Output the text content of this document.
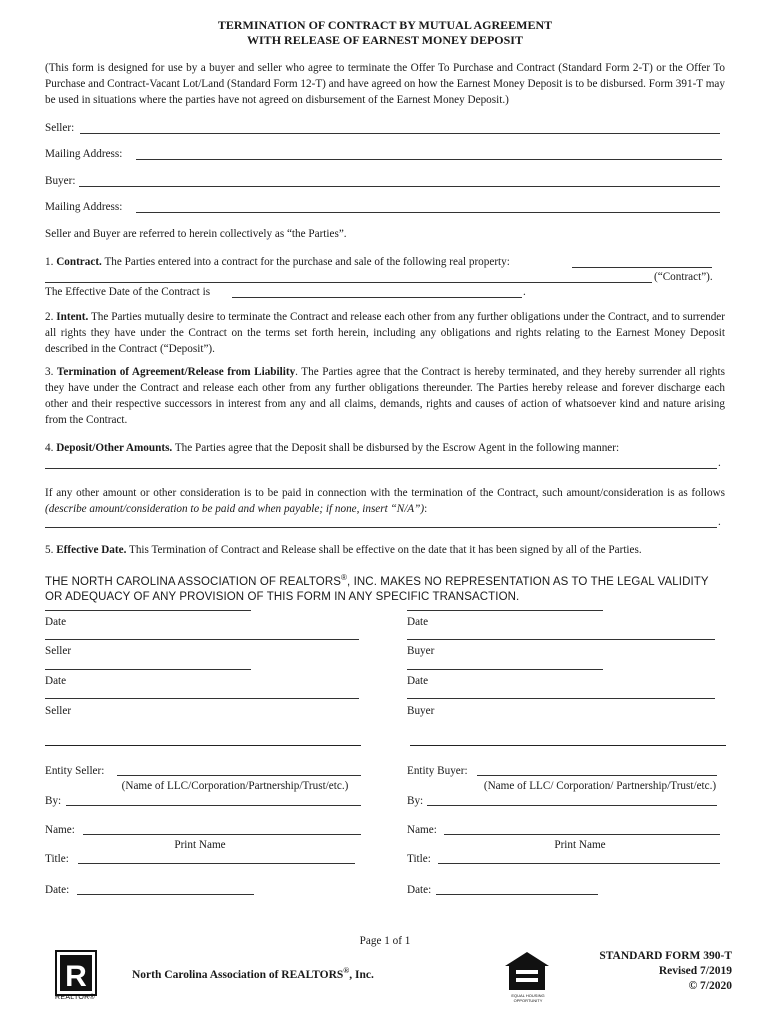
TERMINATION OF CONTRACT BY MUTUAL AGREEMENT
WITH RELEASE OF EARNEST MONEY DEPOSIT
(This form is designed for use by a buyer and seller who agree to terminate the Offer To Purchase and Contract (Standard Form 2-T) or the Offer To Purchase and Contract-Vacant Lot/Land (Standard Form 12-T) and have agreed on how the Earnest Money Deposit is to be disbursed. Form 391-T may be used in situations where the parties have not agreed on disbursement of the Earnest Money Deposit.)
Seller:
Mailing Address:
Buyer:
Mailing Address:
Seller and Buyer are referred to herein collectively as “the Parties”.
1. Contract. The Parties entered into a contract for the purchase and sale of the following real property:
(“Contract”).
The Effective Date of the Contract is	.
2. Intent. The Parties mutually desire to terminate the Contract and release each other from any further obligations under the Contract, and to surrender all rights they have under the Contract on the terms set forth herein, including any obligations and rights relating to the Earnest Money Deposit described in the Contract (“Deposit”).
3. Termination of Agreement/Release from Liability. The Parties agree that the Contract is hereby terminated, and they hereby surrender all rights they have under the Contract and release each other from any further obligations thereunder. The Parties hereby release and forever discharge each other and their respective successors in interest from any and all claims, demands, rights and causes of action of whatsoever kind and nature arising from the Contract.
4. Deposit/Other Amounts. The Parties agree that the Deposit shall be disbursed by the Escrow Agent in the following manner:
.
If any other amount or other consideration is to be paid in connection with the termination of the Contract, such amount/consideration is as follows (describe amount/consideration to be paid and when payable; if none, insert “N/A”):
.
5. Effective Date. This Termination of Contract and Release shall be effective on the date that it has been signed by all of the Parties.
THE NORTH CAROLINA ASSOCIATION OF REALTORS®, INC. MAKES NO REPRESENTATION AS TO THE LEGAL VALIDITY OR ADEQUACY OF ANY PROVISION OF THIS FORM IN ANY SPECIFIC TRANSACTION.
Date	Date
Seller	Buyer
Date	Date
Seller	Buyer
Entity Seller:
(Name of LLC/Corporation/Partnership/Trust/etc.)
By:
Name:
Print Name
Title:
Date:
Entity Buyer:
(Name of LLC/ Corporation/ Partnership/Trust/etc.)
By:
Name:
Print Name
Title:
Date:
Page 1 of 1
R
REALTOR®
North Carolina Association of REALTORS®, Inc.
EQUAL HOUSING OPPORTUNITY
STANDARD FORM 390-T
Revised 7/2019
© 7/2020
